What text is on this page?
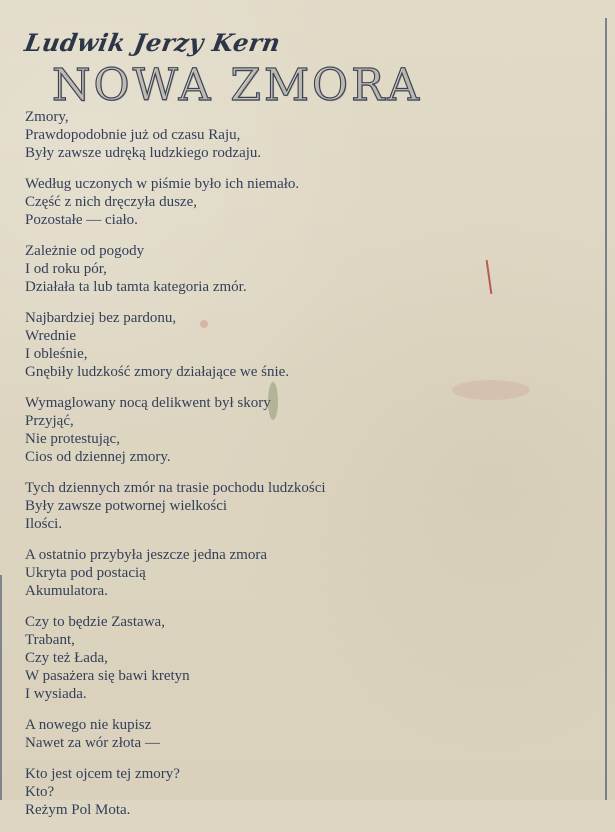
Ludwik Jerzy Kern
NOWA ZMORA
Zmory,
Prawdopodobnie już od czasu Raju,
Były zawsze udręką ludzkiego rodzaju.
Według uczonych w piśmie było ich niemało.
Część z nich dręczyła dusze,
Pozostałe — ciało.
Zależnie od pogody
I od roku pór,
Działała ta lub tamta kategoria zmór.
Najbardziej bez pardonu,
Wrednie
I obleśnie,
Gnębiły ludzkość zmory działające we śnie.
Wymaglowany nocą delikwent był skory
Przyjąć,
Nie protestując,
Cios od dziennej zmory.
Tych dziennych zmór na trasie pochodu ludzkości
Były zawsze potwornej wielkości
Ilości.
A ostatnio przybyła jeszcze jedna zmora
Ukryta pod postacią
Akumulatora.
Czy to będzie Zastawa,
Trabant,
Czy też Łada,
W pasażera się bawi kretyn
I wysiada.
A nowego nie kupisz
Nawet za wór złota —
Kto jest ojcem tej zmory?
Kto?
Reżym Pol Mota.
